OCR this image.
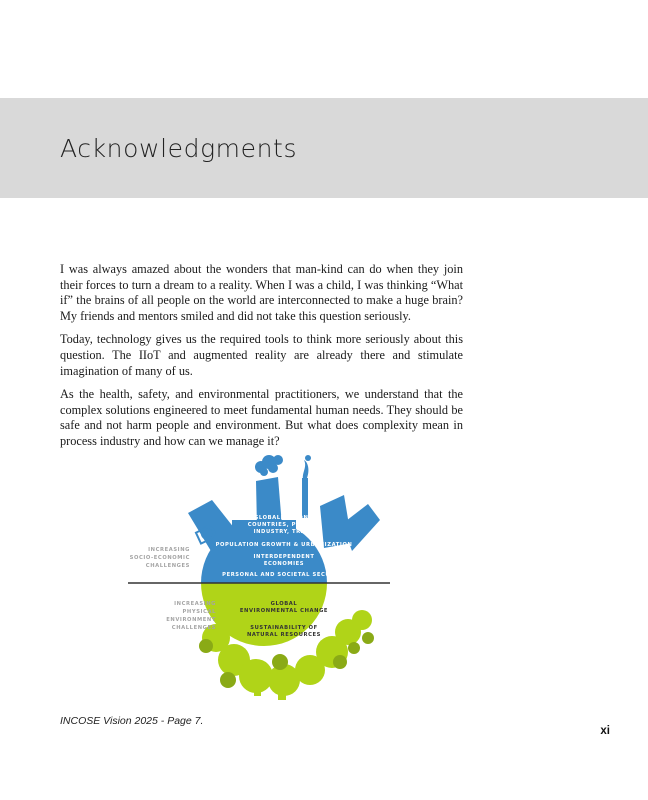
Acknowledgments

I was always amazed about the wonders that man-kind can do when they join their forces to turn a dream to a reality. When I was a child, I was thinking “What if” the brains of all people on the world are interconnected to make a huge brain? My friends and mentors smiled and did not take this question seriously.

Today, technology gives us the required tools to think more seriously about this question. The IIoT and augmented reality are already there and stimulate imagination of many of us.

As the health, safety, and environmental practitioners, we understand that the complex solutions engineered to meet fundamental human needs. They should be safe and not harm people and environment. But what does complexity mean in process industry and how can we manage it?

INCREASING
SOCIO-ECONOMIC
CHALLENGES
INCREASING
PHYSICAL
ENVIRONMENT
CHALLENGES
GLOBALIZATION –
COUNTRIES, PEOPLE,
INDUSTRY, TRADE
POPULATION GROWTH & URBANIZATION
INTERDEPENDENT
ECONOMIES
PERSONAL AND SOCIETAL SECURITY
GLOBAL
ENVIRONMENTAL CHANGE
SUSTAINABILITY OF
NATURAL RESOURCES

INCOSE Vision 2025 - Page 7.

xi
